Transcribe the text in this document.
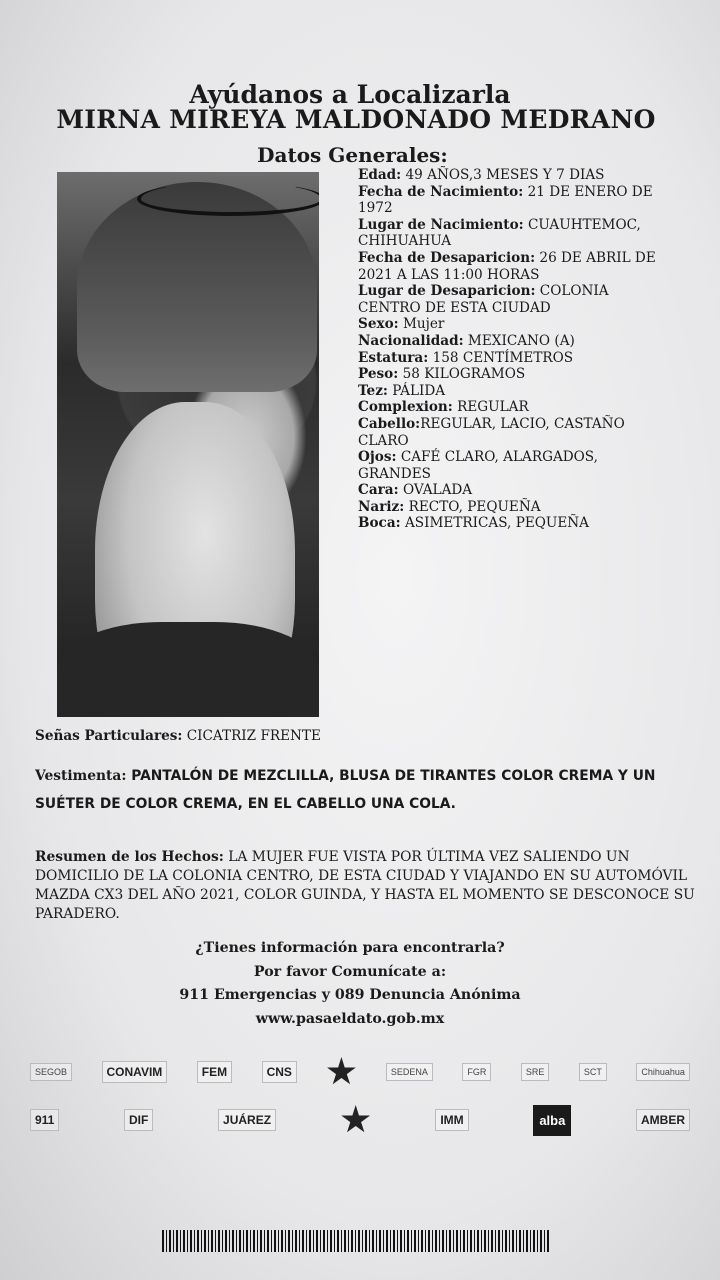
Ayúdanos a Localizarla
MIRNA MIREYA MALDONADO MEDRANO
Datos Generales:
Edad: 49 AÑOS,3 MESES Y 7 DIAS
Fecha de Nacimiento: 21 DE ENERO DE 1972
Lugar de Nacimiento: CUAUHTEMOC, CHIHUAHUA
Fecha de Desaparicion: 26 DE ABRIL DE 2021 A LAS 11:00 HORAS
Lugar de Desaparicion: COLONIA CENTRO DE ESTA CIUDAD
Sexo: Mujer
Nacionalidad: MEXICANO (A)
Estatura: 158 CENTÍMETROS
Peso: 58 KILOGRAMOS
Tez: PÁLIDA
Complexion: REGULAR
Cabello:REGULAR, LACIO, CASTAÑO CLARO
Ojos: CAFÉ CLARO, ALARGADOS, GRANDES
Cara: OVALADA
Nariz: RECTO, PEQUEÑA
Boca: ASIMETRICAS, PEQUEÑA
Señas Particulares: CICATRIZ FRENTE
Vestimenta: PANTALÓN DE MEZCLILLA, BLUSA DE TIRANTES COLOR CREMA Y UN SUÉTER DE COLOR CREMA, EN EL CABELLO UNA COLA.
Resumen de los Hechos: LA MUJER FUE VISTA POR ÚLTIMA VEZ SALIENDO UN DOMICILIO DE LA COLONIA CENTRO, DE ESTA CIUDAD Y VIAJANDO EN SU AUTOMÓVIL MAZDA CX3 DEL AÑO 2021, COLOR GUINDA, Y HASTA EL MOMENTO SE DESCONOCE SU PARADERO.
¿Tienes información para encontrarla?
Por favor Comunícate a:
911 Emergencias y 089 Denuncia Anónima
www.pasaeldato.gob.mx
SEGOB	CONAVIM	FEM	CNS	SEDENA	FGR	SRE	SCT	Chihuahua
911	DIF	JUÁREZ	IMM	alba	AMBER
